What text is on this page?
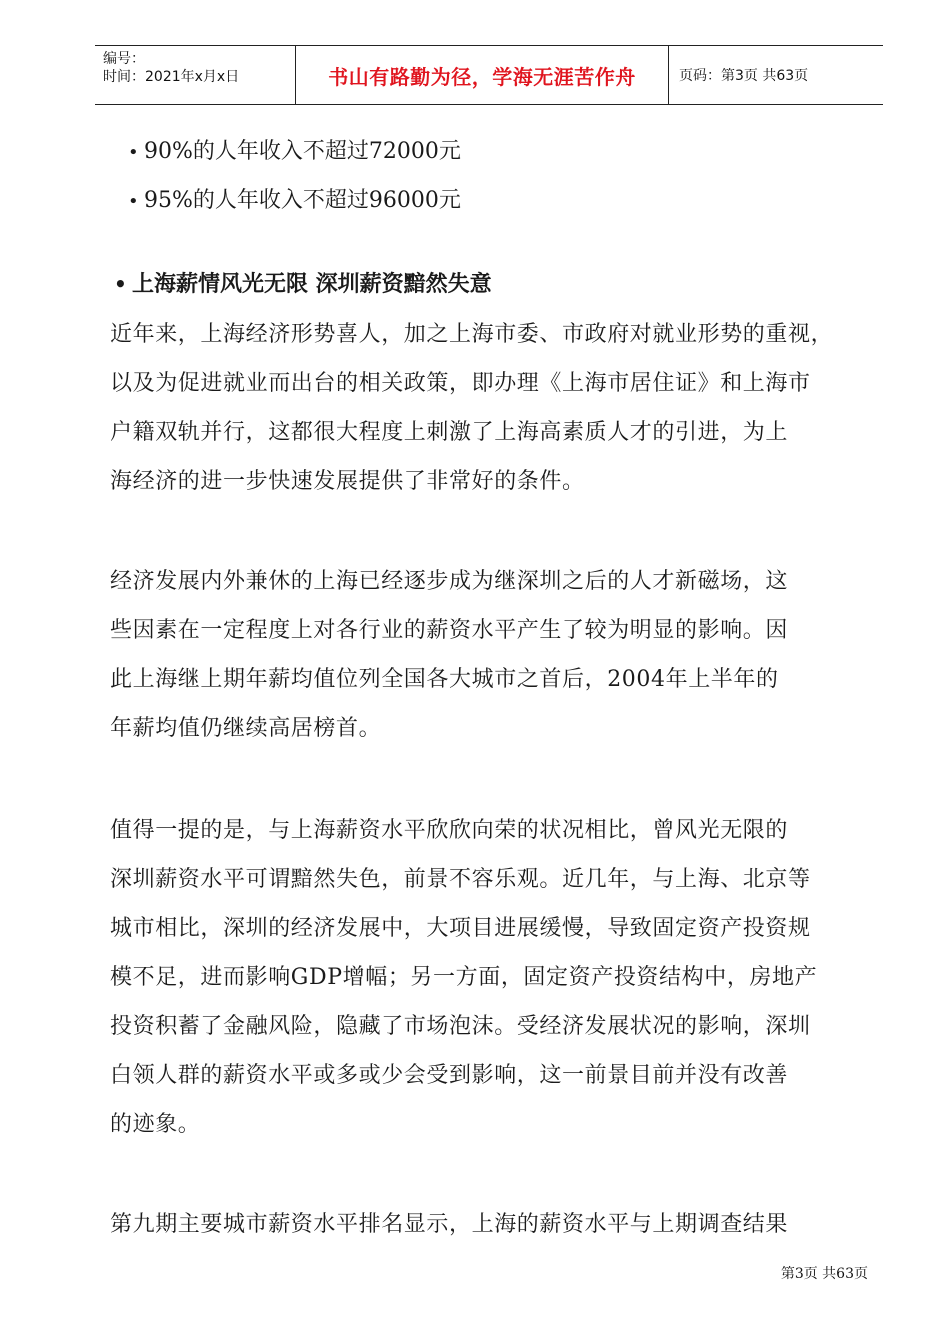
编号：
时间：2021年x月x日	书山有路勤为径，学海无涯苦作舟	页码：第3页 共63页
• 90%的人年收入不超过72000元
• 95%的人年收入不超过96000元
• 上海薪情风光无限 深圳薪资黯然失意
近年来，上海经济形势喜人，加之上海市委、市政府对就业形势的重视，
以及为促进就业而出台的相关政策，即办理《上海市居住证》和上海市
户籍双轨并行，这都很大程度上刺激了上海高素质人才的引进，为上
海经济的进一步快速发展提供了非常好的条件。
经济发展内外兼休的上海已经逐步成为继深圳之后的人才新磁场，这
些因素在一定程度上对各行业的薪资水平产生了较为明显的影响。因
此上海继上期年薪均值位列全国各大城市之首后，2004年上半年的
年薪均值仍继续高居榜首。
值得一提的是，与上海薪资水平欣欣向荣的状况相比，曾风光无限的
深圳薪资水平可谓黯然失色，前景不容乐观。近几年，与上海、北京等
城市相比，深圳的经济发展中，大项目进展缓慢，导致固定资产投资规
模不足，进而影响GDP增幅；另一方面，固定资产投资结构中，房地产
投资积蓄了金融风险，隐藏了市场泡沫。受经济发展状况的影响，深圳
白领人群的薪资水平或多或少会受到影响，这一前景目前并没有改善
的迹象。
第九期主要城市薪资水平排名显示，上海的薪资水平与上期调查结果
第3页 共63页
